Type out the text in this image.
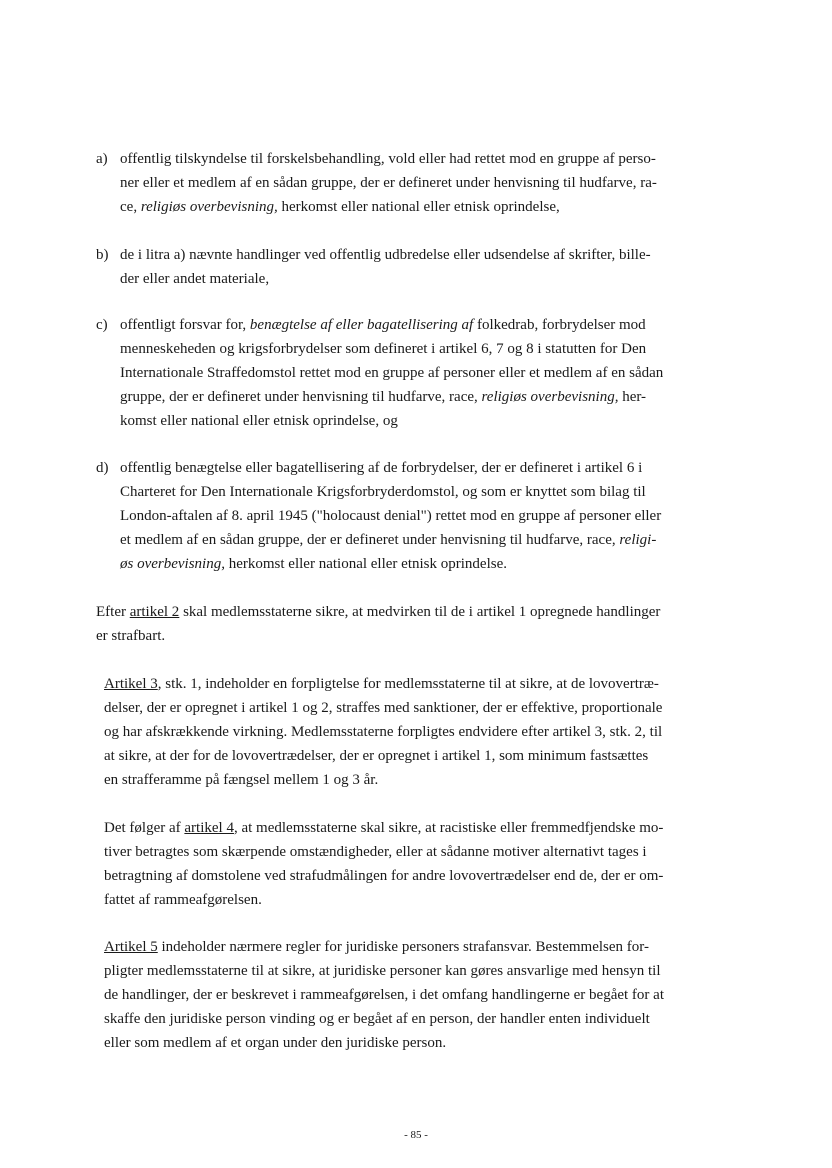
a) offentlig tilskyndelse til forskelsbehandling, vold eller had rettet mod en gruppe af perso-
ner eller et medlem af en sådan gruppe, der er defineret under henvisning til hudfarve, ra-
ce, religiøs overbevisning, herkomst eller national eller etnisk oprindelse,
b) de i litra a) nævnte handlinger ved offentlig udbredelse eller udsendelse af skrifter, bille-
der eller andet materiale,
c) offentligt forsvar for, benægtelse af eller bagatellisering af folkedrab, forbrydelser mod
menneskeheden og krigsforbrydelser som defineret i artikel 6, 7 og 8 i statutten for Den
Internationale Straffedomstol rettet mod en gruppe af personer eller et medlem af en sådan
gruppe, der er defineret under henvisning til hudfarve, race, religiøs overbevisning, her-
komst eller national eller etnisk oprindelse, og
d) offentlig benægtelse eller bagatellisering af de forbrydelser, der er defineret i artikel 6 i
Charteret for Den Internationale Krigsforbryderdomstol, og som er knyttet som bilag til
London-aftalen af 8. april 1945 ("holocaust denial") rettet mod en gruppe af personer eller
et medlem af en sådan gruppe, der er defineret under henvisning til hudfarve, race, religi-
øs overbevisning, herkomst eller national eller etnisk oprindelse.
Efter artikel 2 skal medlemsstaterne sikre, at medvirken til de i artikel 1 opregnede handlinger
er strafbart.
Artikel 3, stk. 1, indeholder en forpligtelse for medlemsstaterne til at sikre, at de lovovertræ-
delser, der er opregnet i artikel 1 og 2, straffes med sanktioner, der er effektive, proportionale
og har afskrækkende virkning. Medlemsstaterne forpligtes endvidere efter artikel 3, stk. 2, til
at sikre, at der for de lovovertrædelser, der er opregnet i artikel 1, som minimum fastsættes
en strafferamme på fængsel mellem 1 og 3 år.
Det følger af artikel 4, at medlemsstaterne skal sikre, at racistiske eller fremmedfjendske mo-
tiver betragtes som skærpende omstændigheder, eller at sådanne motiver alternativt tages i
betragtning af domstolene ved strafudmålingen for andre lovovertrædelser end de, der er om-
fattet af rammeafgørelsen.
Artikel 5 indeholder nærmere regler for juridiske personers strafansvar. Bestemmelsen for-
pligter medlemsstaterne til at sikre, at juridiske personer kan gøres ansvarlige med hensyn til
de handlinger, der er beskrevet i rammeafgørelsen, i det omfang handlingerne er begået for at
skaffe den juridiske person vinding og er begået af en person, der handler enten individuelt
eller som medlem af et organ under den juridiske person.
- 85 -
